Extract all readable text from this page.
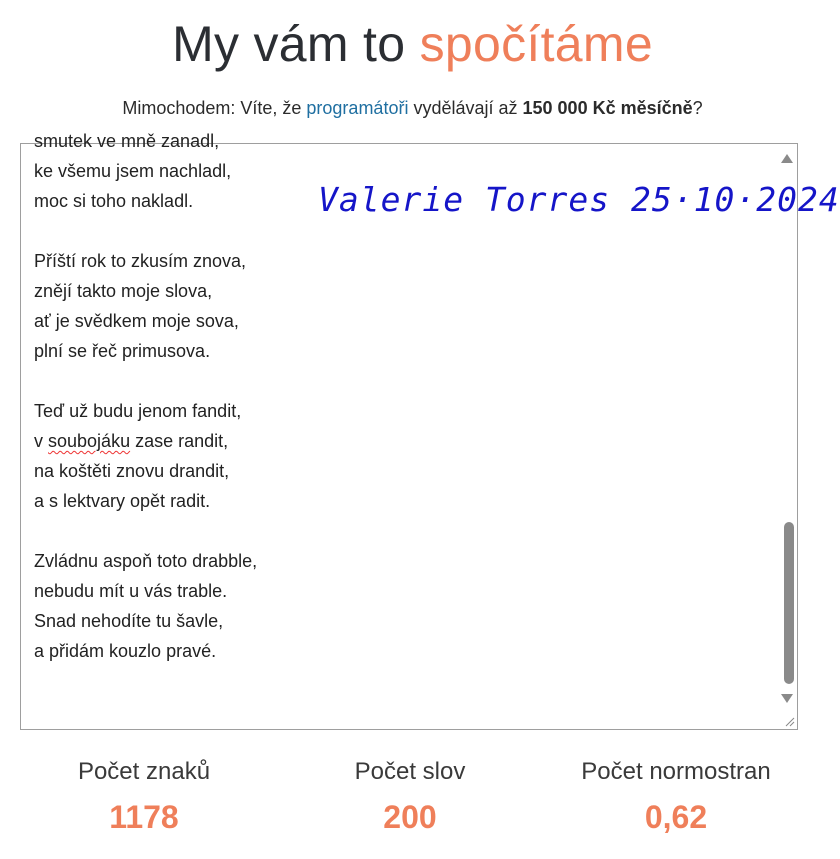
My vám to spočítáme
Mimochodem: Víte, že programátoři vydělávají až 150 000 Kč měsíčně?
smutek ve mně zanadl,
ke všemu jsem nachladl,
moc si toho nakladl.

Příští rok to zkusím znova,
znějí takto moje slova,
ať je svědkem moje sova,
plní se řeč primusova.

Teď už budu jenom fandit,
v soubojáku zase randit,
na koštěti znovu drandit,
a s lektvary opět radit.

Zvládnu aspoň toto drabble,
nebudu mít u vás trable.
Snad nehodíte tu šavle,
a přidám kouzlo pravé.
Valerie Torres 25·10·2024
Počet znaků
1178
Počet slov
200
Počet normostran
0,62
